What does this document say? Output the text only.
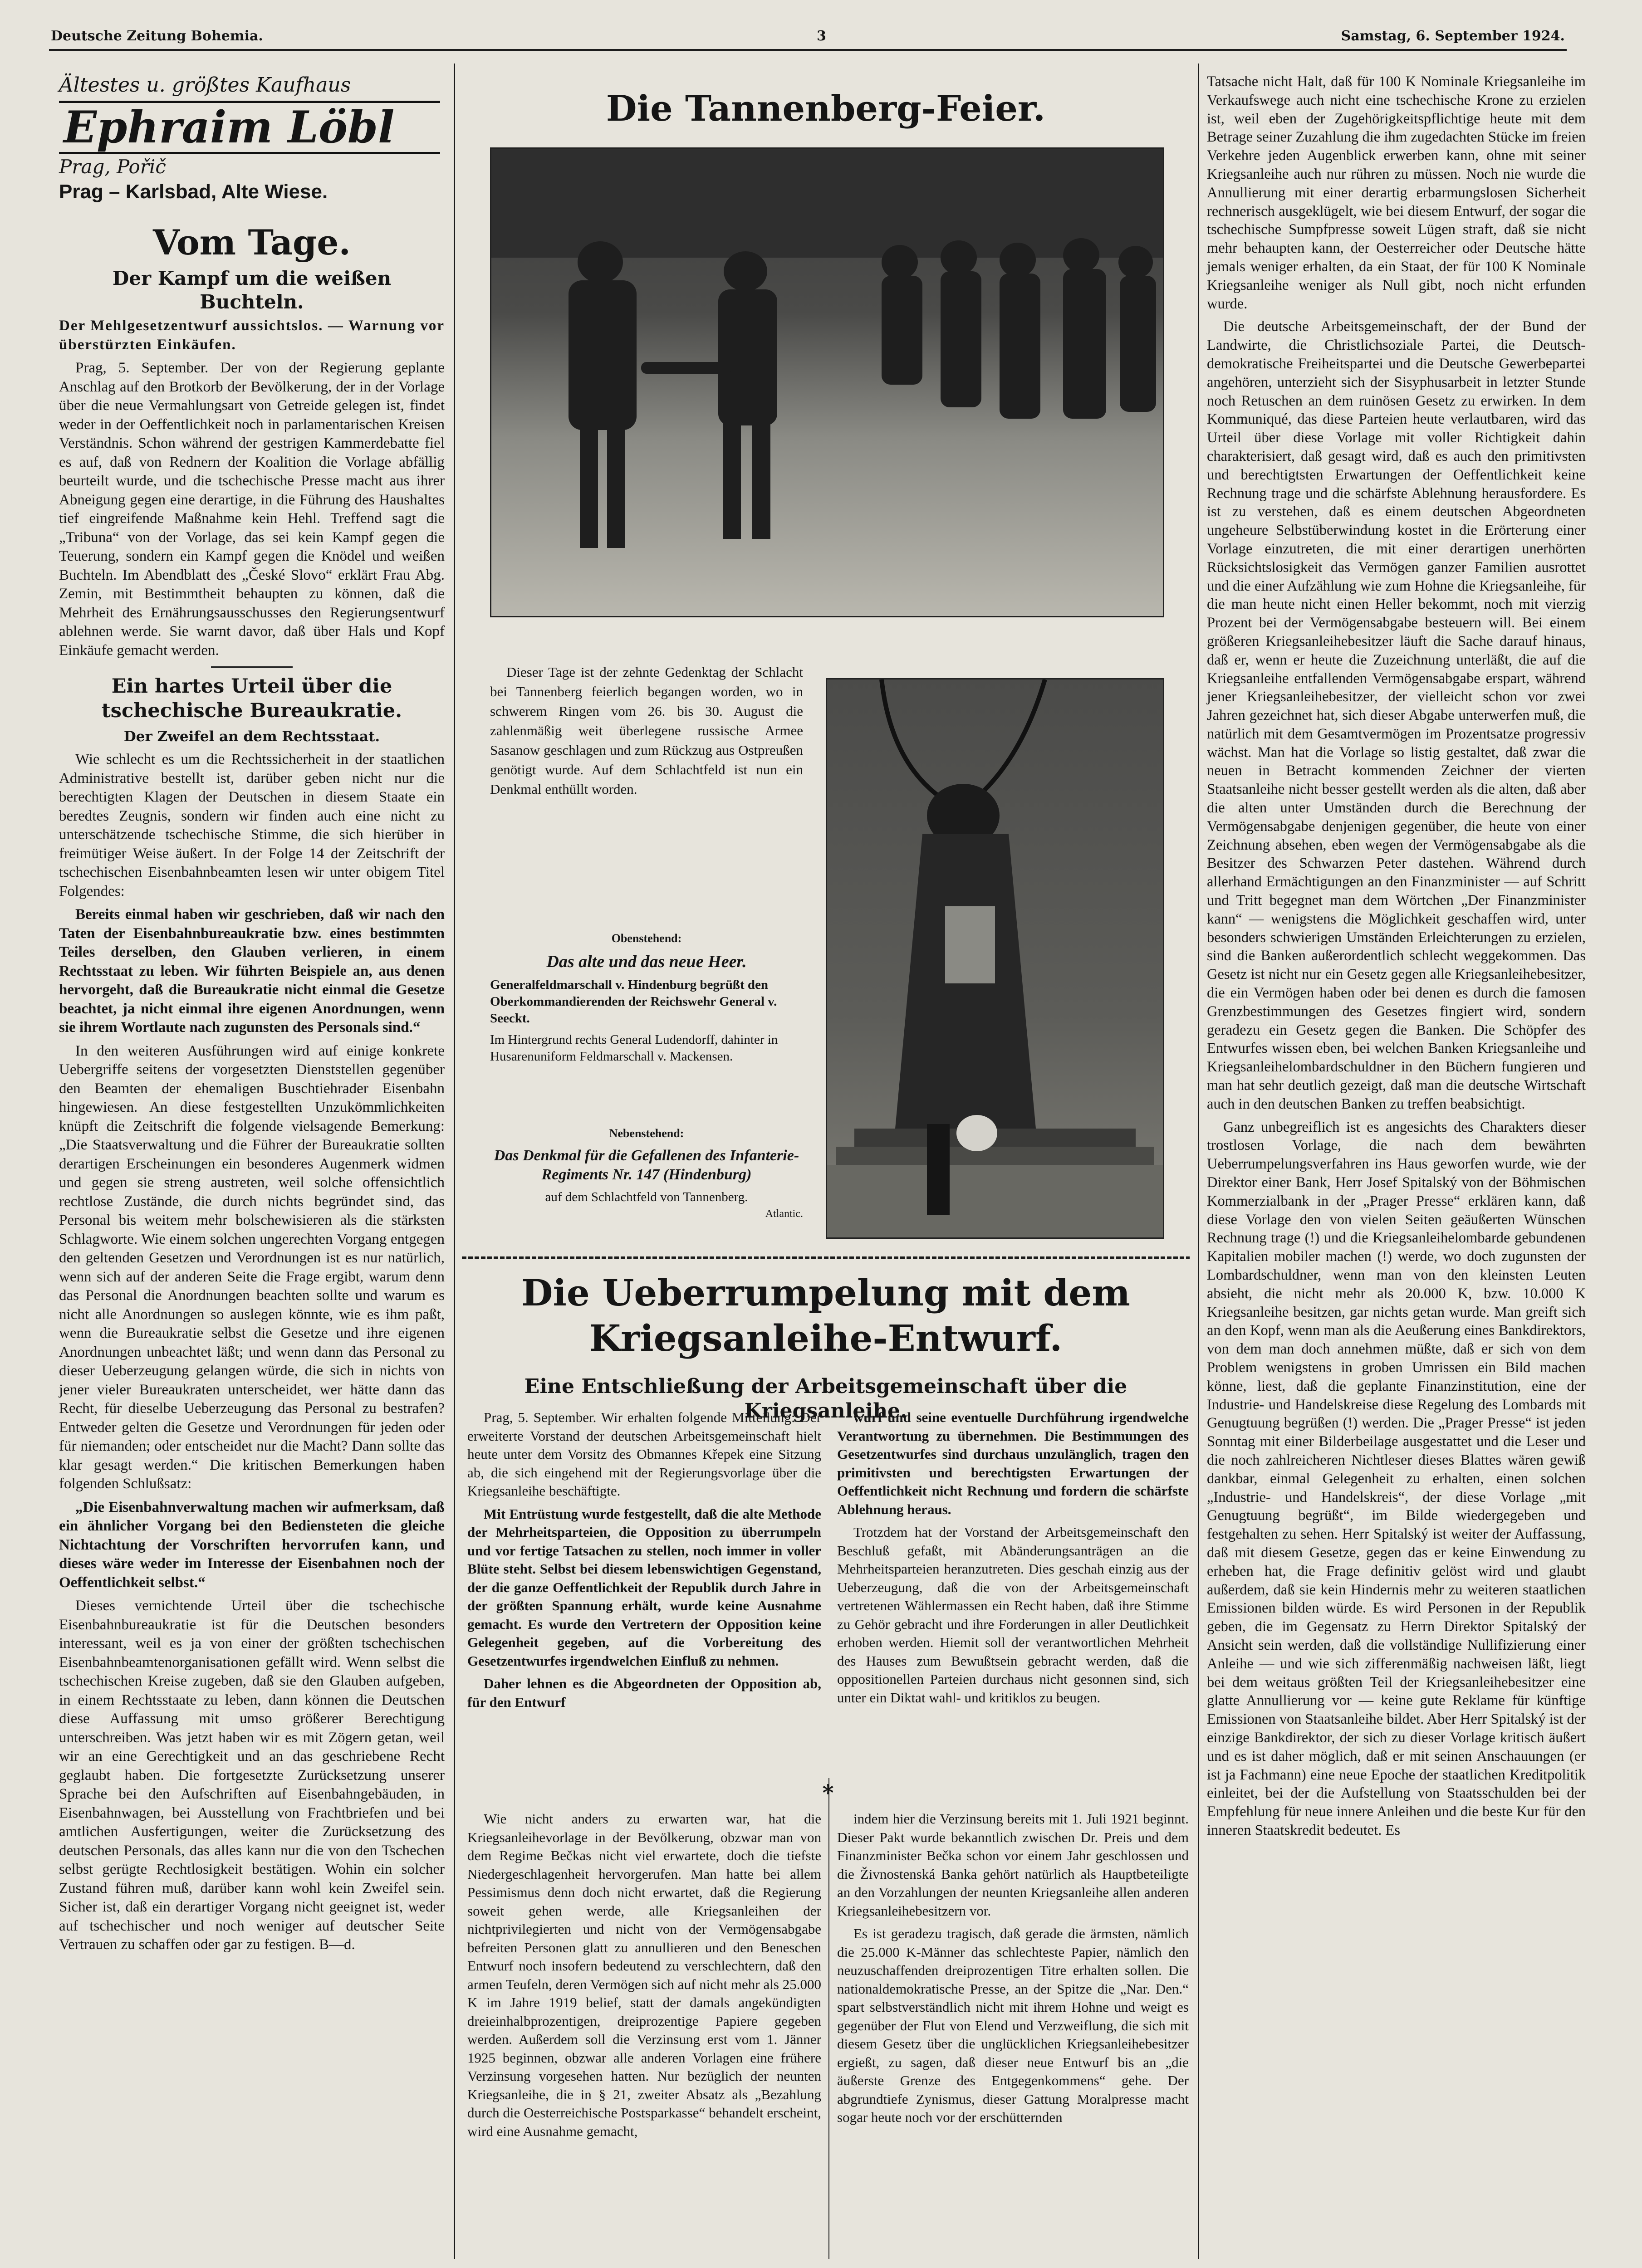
Deutsche Zeitung Bohemia.	3	Samstag, 6. September 1924.
Ältestes u. größtes Kaufhaus
Ephraim Löbl
Prag, Pořič
Prag – Karlsbad, Alte Wiese.
Vom Tage.
Der Kampf um die weißen Buchteln.

Der Mehlgesetzentwurf aussichtslos. — Warnung vor überstürzten Einkäufen.

Prag, 5. September. Der von der Regierung geplante Anschlag auf den Brotkorb der Bevölkerung, der in der Vorlage über die neue Vermahlungsart von Getreide gelegen ist, findet weder in der Oeffentlichkeit noch in parlamentarischen Kreisen Verständnis. Schon während der gestrigen Kammerdebatte fiel es auf, daß von Rednern der Koalition die Vorlage abfällig beurteilt wurde, und die tschechische Presse macht aus ihrer Abneigung gegen eine derartige, in die Führung des Haushaltes tief eingreifende Maßnahme kein Hehl. Treffend sagt die „Tribuna“ von der Vorlage, das sei kein Kampf gegen die Teuerung, sondern ein Kampf gegen die Knödel und weißen Buchteln. Im Abendblatt des „České Slovo“ erklärt Frau Abg. Zemin, mit Bestimmtheit behaupten zu können, daß die Mehrheit des Ernährungsausschusses den Regierungsentwurf ablehnen werde. Sie warnt davor, daß über Hals und Kopf Einkäufe gemacht werden.

Ein hartes Urteil über die tschechische Bureaukratie.
Der Zweifel an dem Rechtsstaat.

Wie schlecht es um die Rechtssicherheit in der staatlichen Administrative bestellt ist, darüber geben nicht nur die berechtigten Klagen der Deutschen in diesem Staate ein beredtes Zeugnis, sondern wir finden auch eine nicht zu unterschätzende tschechische Stimme, die sich hierüber in freimütiger Weise äußert. In der Folge 14 der Zeitschrift der tschechischen Eisenbahnbeamten lesen wir unter obigem Titel Folgendes:

Bereits einmal haben wir geschrieben, daß wir nach den Taten der Eisenbahnbureaukratie bzw. eines bestimmten Teiles derselben, den Glauben verlieren, in einem Rechtsstaat zu leben. Wir führten Beispiele an, aus denen hervorgeht, daß die Bureaukratie nicht einmal die Gesetze beachtet, ja nicht einmal ihre eigenen Anordnungen, wenn sie ihrem Wortlaute nach zugunsten des Personals sind.“

In den weiteren Ausführungen wird auf einige konkrete Uebergriffe seitens der vorgesetzten Dienststellen gegenüber den Beamten der ehemaligen Buschtiehrader Eisenbahn hingewiesen. An diese festgestellten Unzukömmlichkeiten knüpft die Zeitschrift die folgende vielsagende Bemerkung: „Die Staatsverwaltung und die Führer der Bureaukratie sollten derartigen Erscheinungen ein besonderes Augenmerk widmen und gegen sie streng austreten, weil solche offensichtlich rechtlose Zustände, die durch nichts begründet sind, das Personal bis weitem mehr bolschewisieren als die stärksten Schlagworte. Wie einem solchen ungerechten Vorgang entgegen den geltenden Gesetzen und Verordnungen ist es nur natürlich, wenn sich auf der anderen Seite die Frage ergibt, warum denn das Personal die Anordnungen beachten sollte und warum es nicht alle Anordnungen so auslegen könnte, wie es ihm paßt, wenn die Bureaukratie selbst die Gesetze und ihre eigenen Anordnungen unbeachtet läßt; und wenn dann das Personal zu dieser Ueberzeugung gelangen würde, die sich in nichts von jener vieler Bureaukraten unterscheidet, wer hätte dann das Recht, für dieselbe Ueberzeugung das Personal zu bestrafen? Entweder gelten die Gesetze und Verordnungen für jeden oder für niemanden; oder entscheidet nur die Macht? Dann sollte das klar gesagt werden.“ Die kritischen Bemerkungen haben folgenden Schlußsatz:

„Die Eisenbahnverwaltung machen wir aufmerksam, daß ein ähnlicher Vorgang bei den Bediensteten die gleiche Nichtachtung der Vorschriften hervorrufen kann, und dieses wäre weder im Interesse der Eisenbahnen noch der Oeffentlichkeit selbst.“

Dieses vernichtende Urteil über die tschechische Eisenbahnbureaukratie ist für die Deutschen besonders interessant, weil es ja von einer der größten tschechischen Eisenbahnbeamtenorganisationen gefällt wird. Wenn selbst die tschechischen Kreise zugeben, daß sie den Glauben aufgeben, in einem Rechtsstaate zu leben, dann können die Deutschen diese Auffassung mit umso größerer Berechtigung unterschreiben. Was jetzt haben wir es mit Zögern getan, weil wir an eine Gerechtigkeit und an das geschriebene Recht geglaubt haben. Die fortgesetzte Zurücksetzung unserer Sprache bei den Aufschriften auf Eisenbahngebäuden, in Eisenbahnwagen, bei Ausstellung von Frachtbriefen und bei amtlichen Ausfertigungen, weiter die Zurücksetzung des deutschen Personals, das alles kann nur die von den Tschechen selbst gerügte Rechtlosigkeit bestätigen. Wohin ein solcher Zustand führen muß, darüber kann wohl kein Zweifel sein. Sicher ist, daß ein derartiger Vorgang nicht geeignet ist, weder auf tschechischer und noch weniger auf deutscher Seite Vertrauen zu schaffen oder gar zu festigen. B—d.

Die Tannenberg-Feier.

Dieser Tage ist der zehnte Gedenktag der Schlacht bei Tannenberg feierlich begangen worden, wo in schwerem Ringen vom 26. bis 30. August die zahlenmäßig weit überlegene russische Armee Sasanow geschlagen und zum Rückzug aus Ostpreußen genötigt wurde. Auf dem Schlachtfeld ist nun ein Denkmal enthüllt worden.

Obenstehend:
Das alte und das neue Heer.
Generalfeldmarschall v. Hindenburg begrüßt den Oberkommandierenden der Reichswehr General v. Seeckt.
Im Hintergrund rechts General Ludendorff, dahinter in Husarenuniform Feldmarschall v. Mackensen.
Nebenstehend:
Das Denkmal für die Gefallenen des Infanterie-Regiments Nr. 147 (Hindenburg)
auf dem Schlachtfeld von Tannenberg.
Atlantic.
Die Ueberrumpelung mit dem Kriegsanleihe-Entwurf.
Eine Entschließung der Arbeitsgemeinschaft über die Kriegsanleihe.

Prag, 5. September. Wir erhalten folgende Mitteilung: Der erweiterte Vorstand der deutschen Arbeitsgemeinschaft hielt heute unter dem Vorsitz des Obmannes Křepek eine Sitzung ab, die sich eingehend mit der Regierungsvorlage über die Kriegsanleihe beschäftigte.

Mit Entrüstung wurde festgestellt, daß die alte Methode der Mehrheitsparteien, die Opposition zu überrumpeln und vor fertige Tatsachen zu stellen, noch immer in voller Blüte steht. Selbst bei diesem lebenswichtigen Gegenstand, der die ganze Oeffentlichkeit der Republik durch Jahre in der größten Spannung erhält, wurde keine Ausnahme gemacht. Es wurde den Vertretern der Opposition keine Gelegenheit gegeben, auf die Vorbereitung des Gesetzentwurfes irgendwelchen Einfluß zu nehmen.

Daher lehnen es die Abgeordneten der Opposition ab, für den Entwurf

wurf und seine eventuelle Durchführung irgendwelche Verantwortung zu übernehmen. Die Bestimmungen des Gesetzentwurfes sind durchaus unzulänglich, tragen den primitivsten und berechtigsten Erwartungen der Oeffentlichkeit nicht Rechnung und fordern die schärfste Ablehnung heraus.

Trotzdem hat der Vorstand der Arbeitsgemeinschaft den Beschluß gefaßt, mit Abänderungsanträgen an die Mehrheitsparteien heranzutreten. Dies geschah einzig aus der Ueberzeugung, daß die von der Arbeitsgemeinschaft vertretenen Wählermassen ein Recht haben, daß ihre Stimme zu Gehör gebracht und ihre Forderungen in aller Deutlichkeit erhoben werden. Hiemit soll der verantwortlichen Mehrheit des Hauses zum Bewußtsein gebracht werden, daß die oppositionellen Parteien durchaus nicht gesonnen sind, sich unter ein Diktat wahl- und kritiklos zu beugen.

*

Wie nicht anders zu erwarten war, hat die Kriegsanleihevorlage in der Bevölkerung, obzwar man von dem Regime Bečkas nicht viel erwartete, doch die tiefste Niedergeschlagenheit hervorgerufen. Man hatte bei allem Pessimismus denn doch nicht erwartet, daß die Regierung soweit gehen werde, alle Kriegsanleihen der nichtprivilegierten und nicht von der Vermögensabgabe befreiten Personen glatt zu annullieren und den Beneschen Entwurf noch insofern bedeutend zu verschlechtern, daß den armen Teufeln, deren Vermögen sich auf nicht mehr als 25.000 K im Jahre 1919 belief, statt der damals angekündigten dreieinhalbprozentigen, dreiprozentige Papiere gegeben werden. Außerdem soll die Verzinsung erst vom 1. Jänner 1925 beginnen, obzwar alle anderen Vorlagen eine frühere Verzinsung vorgesehen hatten. Nur bezüglich der neunten Kriegsanleihe, die in § 21, zweiter Absatz als „Bezahlung durch die Oesterreichische Postsparkasse“ behandelt erscheint, wird eine Ausnahme gemacht,

indem hier die Verzinsung bereits mit 1. Juli 1921 beginnt. Dieser Pakt wurde bekanntlich zwischen Dr. Preis und dem Finanzminister Bečka schon vor einem Jahr geschlossen und die Živnostenská Banka gehört natürlich als Hauptbeteiligte an den Vorzahlungen der neunten Kriegsanleihe allen anderen Kriegsanleihebesitzern vor.

Es ist geradezu tragisch, daß gerade die ärmsten, nämlich die 25.000 K-Männer das schlechteste Papier, nämlich den neuzuschaffenden dreiprozentigen Titre erhalten sollen. Die nationaldemokratische Presse, an der Spitze die „Nar. Den.“ spart selbstverständlich nicht mit ihrem Hohne und weigt es gegenüber der Flut von Elend und Verzweiflung, die sich mit diesem Gesetz über die unglücklichen Kriegsanleihebesitzer ergießt, zu sagen, daß dieser neue Entwurf bis an „die äußerste Grenze des Entgegenkommens“ gehe. Der abgrundtiefe Zynismus, dieser Gattung Moralpresse macht sogar heute noch vor der erschütternden

Tatsache nicht Halt, daß für 100 K Nominale Kriegsanleihe im Verkaufswege auch nicht eine tschechische Krone zu erzielen ist, weil eben der Zugehörigkeitspflichtige heute mit dem Betrage seiner Zuzahlung die ihm zugedachten Stücke im freien Verkehre jeden Augenblick erwerben kann, ohne mit seiner Kriegsanleihe auch nur rühren zu müssen. Noch nie wurde die Annullierung mit einer derartig erbarmungslosen Sicherheit rechnerisch ausgeklügelt, wie bei diesem Entwurf, der sogar die tschechische Sumpfpresse soweit Lügen straft, daß sie nicht mehr behaupten kann, der Oesterreicher oder Deutsche hätte jemals weniger erhalten, da ein Staat, der für 100 K Nominale Kriegsanleihe weniger als Null gibt, noch nicht erfunden wurde.

Die deutsche Arbeitsgemeinschaft, der der Bund der Landwirte, die Christlichsoziale Partei, die Deutsch-demokratische Freiheitspartei und die Deutsche Gewerbepartei angehören, unterzieht sich der Sisyphusarbeit in letzter Stunde noch Retuschen an dem ruinösen Gesetz zu erwirken. In dem Kommuniqué, das diese Parteien heute verlautbaren, wird das Urteil über diese Vorlage mit voller Richtigkeit dahin charakterisiert, daß gesagt wird, daß es auch den primitivsten und berechtigtsten Erwartungen der Oeffentlichkeit keine Rechnung trage und die schärfste Ablehnung herausfordere. Es ist zu verstehen, daß es einem deutschen Abgeordneten ungeheure Selbstüberwindung kostet in die Erörterung einer Vorlage einzutreten, die mit einer derartigen unerhörten Rücksichtslosigkeit das Vermögen ganzer Familien ausrottet und die einer Aufzählung wie zum Hohne die Kriegsanleihe, für die man heute nicht einen Heller bekommt, noch mit vierzig Prozent bei der Vermögensabgabe besteuern will. Bei einem größeren Kriegsanleihebesitzer läuft die Sache darauf hinaus, daß er, wenn er heute die Zuzeichnung unterläßt, die auf die Kriegsanleihe entfallenden Vermögensabgabe erspart, während jener Kriegsanleihebesitzer, der vielleicht schon vor zwei Jahren gezeichnet hat, sich dieser Abgabe unterwerfen muß, die natürlich mit dem Gesamtvermögen im Prozentsatze progressiv wächst. Man hat die Vorlage so listig gestaltet, daß zwar die neuen in Betracht kommenden Zeichner der vierten Staatsanleihe nicht besser gestellt werden als die alten, daß aber die alten unter Umständen durch die Berechnung der Vermögensabgabe denjenigen gegenüber, die heute von einer Zeichnung absehen, eben wegen der Vermögensabgabe als die Besitzer des Schwarzen Peter dastehen. Während durch allerhand Ermächtigungen an den Finanzminister — auf Schritt und Tritt begegnet man dem Wörtchen „Der Finanzminister kann“ — wenigstens die Möglichkeit geschaffen wird, unter besonders schwierigen Umständen Erleichterungen zu erzielen, sind die Banken außerordentlich schlecht weggekommen. Das Gesetz ist nicht nur ein Gesetz gegen alle Kriegsanleihebesitzer, die ein Vermögen haben oder bei denen es durch die famosen Grenzbestimmungen des Gesetzes fingiert wird, sondern geradezu ein Gesetz gegen die Banken. Die Schöpfer des Entwurfes wissen eben, bei welchen Banken Kriegsanleihe und Kriegsanleihelombardschuldner in den Büchern fungieren und man hat sehr deutlich gezeigt, daß man die deutsche Wirtschaft auch in den deutschen Banken zu treffen beabsichtigt.

Ganz unbegreiflich ist es angesichts des Charakters dieser trostlosen Vorlage, die nach dem bewährten Ueberrumpelungsverfahren ins Haus geworfen wurde, wie der Direktor einer Bank, Herr Josef Spitalský von der Böhmischen Kommerzialbank in der „Prager Presse“ erklären kann, daß diese Vorlage den von vielen Seiten geäußerten Wünschen Rechnung trage (!) und die Kriegsanleihelombarde gebundenen Kapitalien mobiler machen (!) werde, wo doch zugunsten der Lombardschuldner, wenn man von den kleinsten Leuten absieht, die nicht mehr als 20.000 K, bzw. 10.000 K Kriegsanleihe besitzen, gar nichts getan wurde. Man greift sich an den Kopf, wenn man als die Aeußerung eines Bankdirektors, von dem man doch annehmen müßte, daß er sich von dem Problem wenigstens in groben Umrissen ein Bild machen könne, liest, daß die geplante Finanzinstitution, eine der Industrie- und Handelskreise diese Regelung des Lombards mit Genugtuung begrüßen (!) werden. Die „Prager Presse“ ist jeden Sonntag mit einer Bilderbeilage ausgestattet und die Leser und die noch zahlreicheren Nichtleser dieses Blattes wären gewiß dankbar, einmal Gelegenheit zu erhalten, einen solchen „Industrie- und Handelskreis“, der diese Vorlage „mit Genugtuung begrüßt“, im Bilde wiedergegeben und festgehalten zu sehen. Herr Spitalský ist weiter der Auffassung, daß mit diesem Gesetze, gegen das er keine Einwendung zu erheben hat, die Frage definitiv gelöst wird und glaubt außerdem, daß sie kein Hindernis mehr zu weiteren staatlichen Emissionen bilden würde. Es wird Personen in der Republik geben, die im Gegensatz zu Herrn Direktor Spitalský der Ansicht sein werden, daß die vollständige Nullifizierung einer Anleihe — und wie sich zifferenmäßig nachweisen läßt, liegt bei dem weitaus größten Teil der Kriegsanleihebesitzer eine glatte Annullierung vor — keine gute Reklame für künftige Emissionen von Staatsanleihe bildet. Aber Herr Spitalský ist der einzige Bankdirektor, der sich zu dieser Vorlage kritisch äußert und es ist daher möglich, daß er mit seinen Anschauungen (er ist ja Fachmann) eine neue Epoche der staatlichen Kreditpolitik einleitet, bei der die Aufstellung von Staatsschulden bei der Empfehlung für neue innere Anleihen und die beste Kur für den inneren Staatskredit bedeutet. Es
